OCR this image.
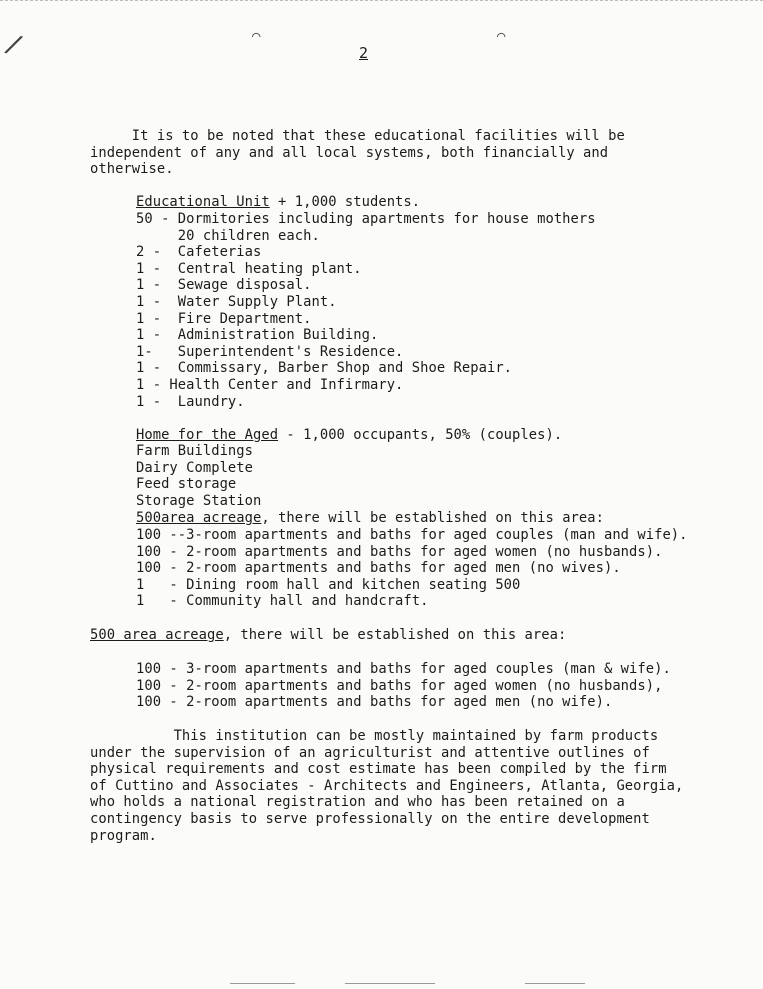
/	⌒	⌒
2
It is to be noted that these educational facilities will be
independent of any and all local systems, both financially and
otherwise.
Educational Unit + 1,000 students.
50 - Dormitories including apartments for house mothers
20 children each.
2 -  Cafeterias
1 -  Central heating plant.
1 -  Sewage disposal.
1 -  Water Supply Plant.
1 -  Fire Department.
1 -  Administration Building.
1-   Superintendent's Residence.
1 -  Commissary, Barber Shop and Shoe Repair.
1 - Health Center and Infirmary.
1 -  Laundry.
Home for the Aged - 1,000 occupants, 50% (couples).
Farm Buildings
Dairy Complete
Feed storage
Storage Station
500area acreage, there will be established on this area:
100 --3-room apartments and baths for aged couples (man and wife).
100 - 2-room apartments and baths for aged women (no husbands).
100 - 2-room apartments and baths for aged men (no wives).
1   - Dining room hall and kitchen seating 500
1   - Community hall and handcraft.
500 area acreage, there will be established on this area:
100 - 3-room apartments and baths for aged couples (man & wife).
100 - 2-room apartments and baths for aged women (no husbands),
100 - 2-room apartments and baths for aged men (no wife).
This institution can be mostly maintained by farm products
under the supervision of an agriculturist and attentive outlines of
physical requirements and cost estimate has been compiled by the firm
of Cuttino and Associates - Architects and Engineers, Atlanta, Georgia,
who holds a national registration and who has been retained on a
contingency basis to serve professionally on the entire development
program.
